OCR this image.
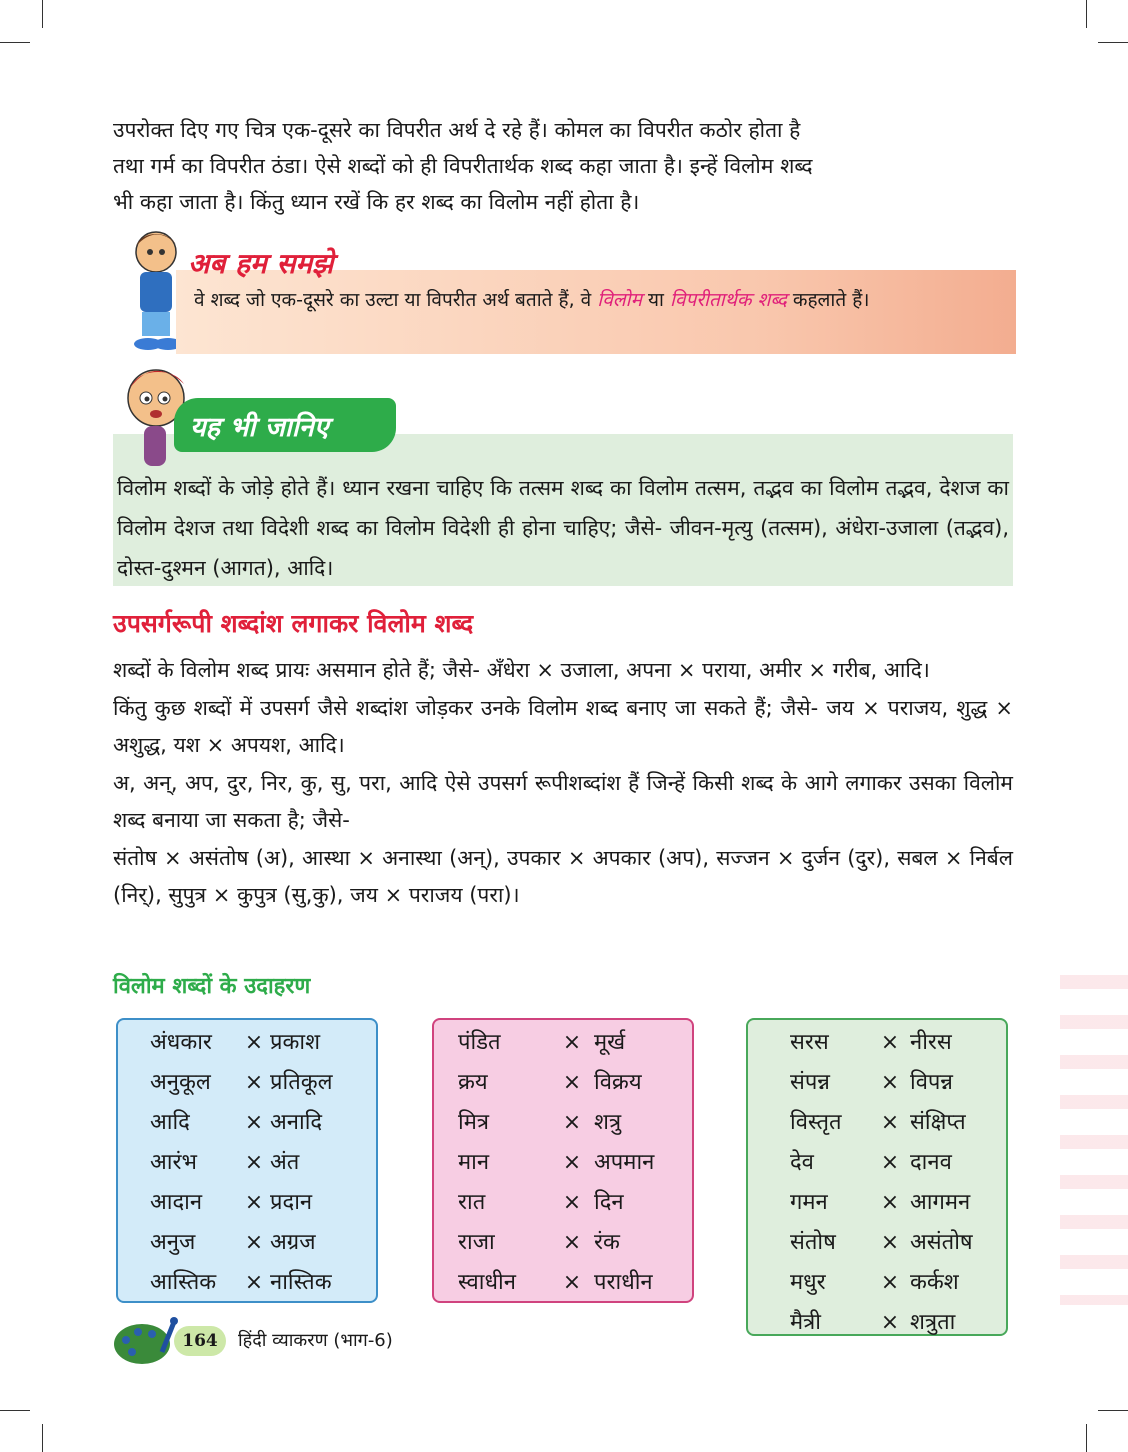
उपरोक्त दिए गए चित्र एक-दूसरे का विपरीत अर्थ दे रहे हैं। कोमल का विपरीत कठोर होता है

तथा गर्म का विपरीत ठंडा। ऐसे शब्दों को ही विपरीतार्थक शब्द कहा जाता है। इन्हें विलोम शब्द

भी कहा जाता है। किंतु ध्यान रखें कि हर शब्द का विलोम नहीं होता है।

अब हम समझे

वे शब्द जो एक-दूसरे का उल्टा या विपरीत अर्थ बताते हैं, वे विलोम या विपरीतार्थक शब्द कहलाते हैं।

यह भी जानिए

विलोम शब्दों के जोड़े होते हैं। ध्यान रखना चाहिए कि तत्सम शब्द का विलोम तत्सम, तद्भव का विलोम तद्भव, देशज का विलोम देशज तथा विदेशी शब्द का विलोम विदेशी ही होना चाहिए; जैसे- जीवन-मृत्यु (तत्सम), अंधेरा-उजाला (तद्भव), दोस्त-दुश्मन (आगत), आदि।

उपसर्गरूपी शब्दांश लगाकर विलोम शब्द

शब्दों के विलोम शब्द प्रायः असमान होते हैं; जैसे- अँधेरा × उजाला, अपना × पराया, अमीर × गरीब, आदि।

किंतु कुछ शब्दों में उपसर्ग जैसे शब्दांश जोड़कर उनके विलोम शब्द बनाए जा सकते हैं; जैसे- जय × पराजय, शुद्ध × अशुद्ध, यश × अपयश, आदि।

अ, अन्, अप, दुर, निर, कु, सु, परा, आदि ऐसे उपसर्ग रूपीशब्दांश हैं जिन्हें किसी शब्द के आगे लगाकर उसका विलोम शब्द बनाया जा सकता है; जैसे-

संतोष × असंतोष (अ), आस्था × अनास्था (अन्), उपकार × अपकार (अप), सज्जन × दुर्जन (दुर), सबल × निर्बल (निर्), सुपुत्र × कुपुत्र (सु,कु), जय × पराजय (परा)।

विलोम शब्दों के उदाहरण
अंधकार	× प्रकाश
अनुकूल	× प्रतिकूल
आदि	× अनादि
आरंभ	× अंत
आदान	× प्रदान
अनुज	× अग्रज
आस्तिक	× नास्तिक
पंडित	× मूर्ख
क्रय	× विक्रय
मित्र	× शत्रु
मान	× अपमान
रात	× दिन
राजा	× रंक
स्वाधीन	× पराधीन
सरस	× नीरस
संपन्न	× विपन्न
विस्तृत	× संक्षिप्त
देव	× दानव
गमन	× आगमन
संतोष	× असंतोष
मधुर	× कर्कश
मैत्री	× शत्रुता
164	हिंदी व्याकरण (भाग-6)
